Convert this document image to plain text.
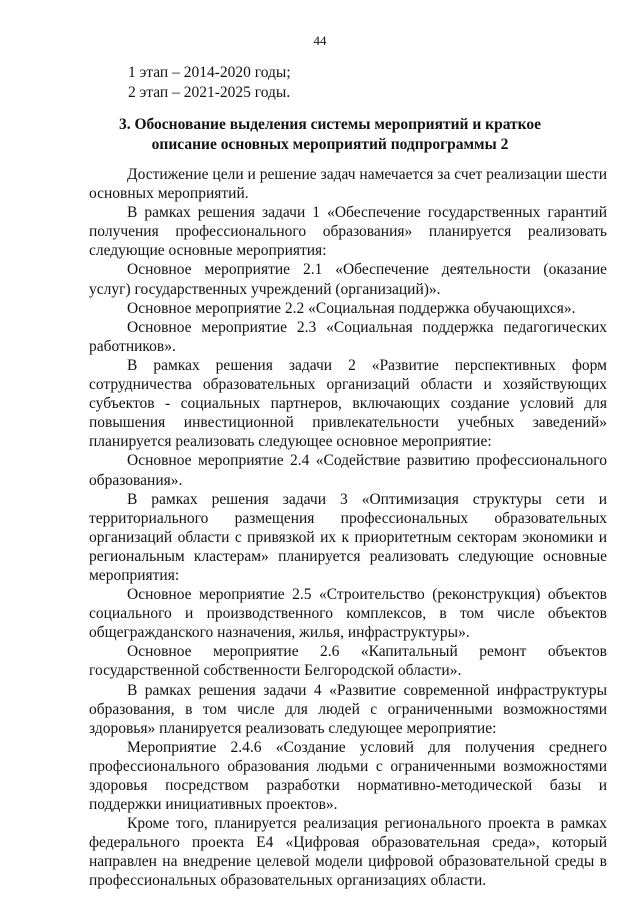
44
1 этап – 2014-2020 годы;
2 этап – 2021-2025 годы.
3. Обоснование выделения системы мероприятий и краткое
описание основных мероприятий подпрограммы 2

Достижение цели и решение задач намечается за счет реализации шести основных мероприятий.

В рамках решения задачи 1 «Обеспечение государственных гарантий получения профессионального образования» планируется реализовать следующие основные мероприятия:

Основное мероприятие 2.1 «Обеспечение деятельности (оказание услуг) государственных учреждений (организаций)».

Основное мероприятие 2.2 «Социальная поддержка обучающихся».

Основное мероприятие 2.3 «Социальная поддержка педагогических работников».

В рамках решения задачи 2 «Развитие перспективных форм сотрудничества образовательных организаций области и хозяйствующих субъектов - социальных партнеров, включающих создание условий для повышения инвестиционной привлекательности учебных заведений» планируется реализовать следующее основное мероприятие:

Основное мероприятие 2.4 «Содействие развитию профессионального образования».

В рамках решения задачи 3 «Оптимизация структуры сети и территориального размещения профессиональных образовательных организаций области с привязкой их к приоритетным секторам экономики и региональным кластерам» планируется реализовать следующие основные мероприятия:

Основное мероприятие 2.5 «Строительство (реконструкция) объектов социального и производственного комплексов, в том числе объектов общегражданского назначения, жилья, инфраструктуры».

Основное мероприятие 2.6 «Капитальный ремонт объектов государственной собственности Белгородской области».

В рамках решения задачи 4 «Развитие современной инфраструктуры образования, в том числе для людей с ограниченными возможностями здоровья» планируется реализовать следующее мероприятие:

Мероприятие 2.4.6 «Создание условий для получения среднего профессионального образования людьми с ограниченными возможностями здоровья посредством разработки нормативно-методической базы и поддержки инициативных проектов».

Кроме того, планируется реализация регионального проекта в рамках федерального проекта Е4 «Цифровая образовательная среда», который направлен на внедрение целевой модели цифровой образовательной среды в профессиональных образовательных организациях области.
